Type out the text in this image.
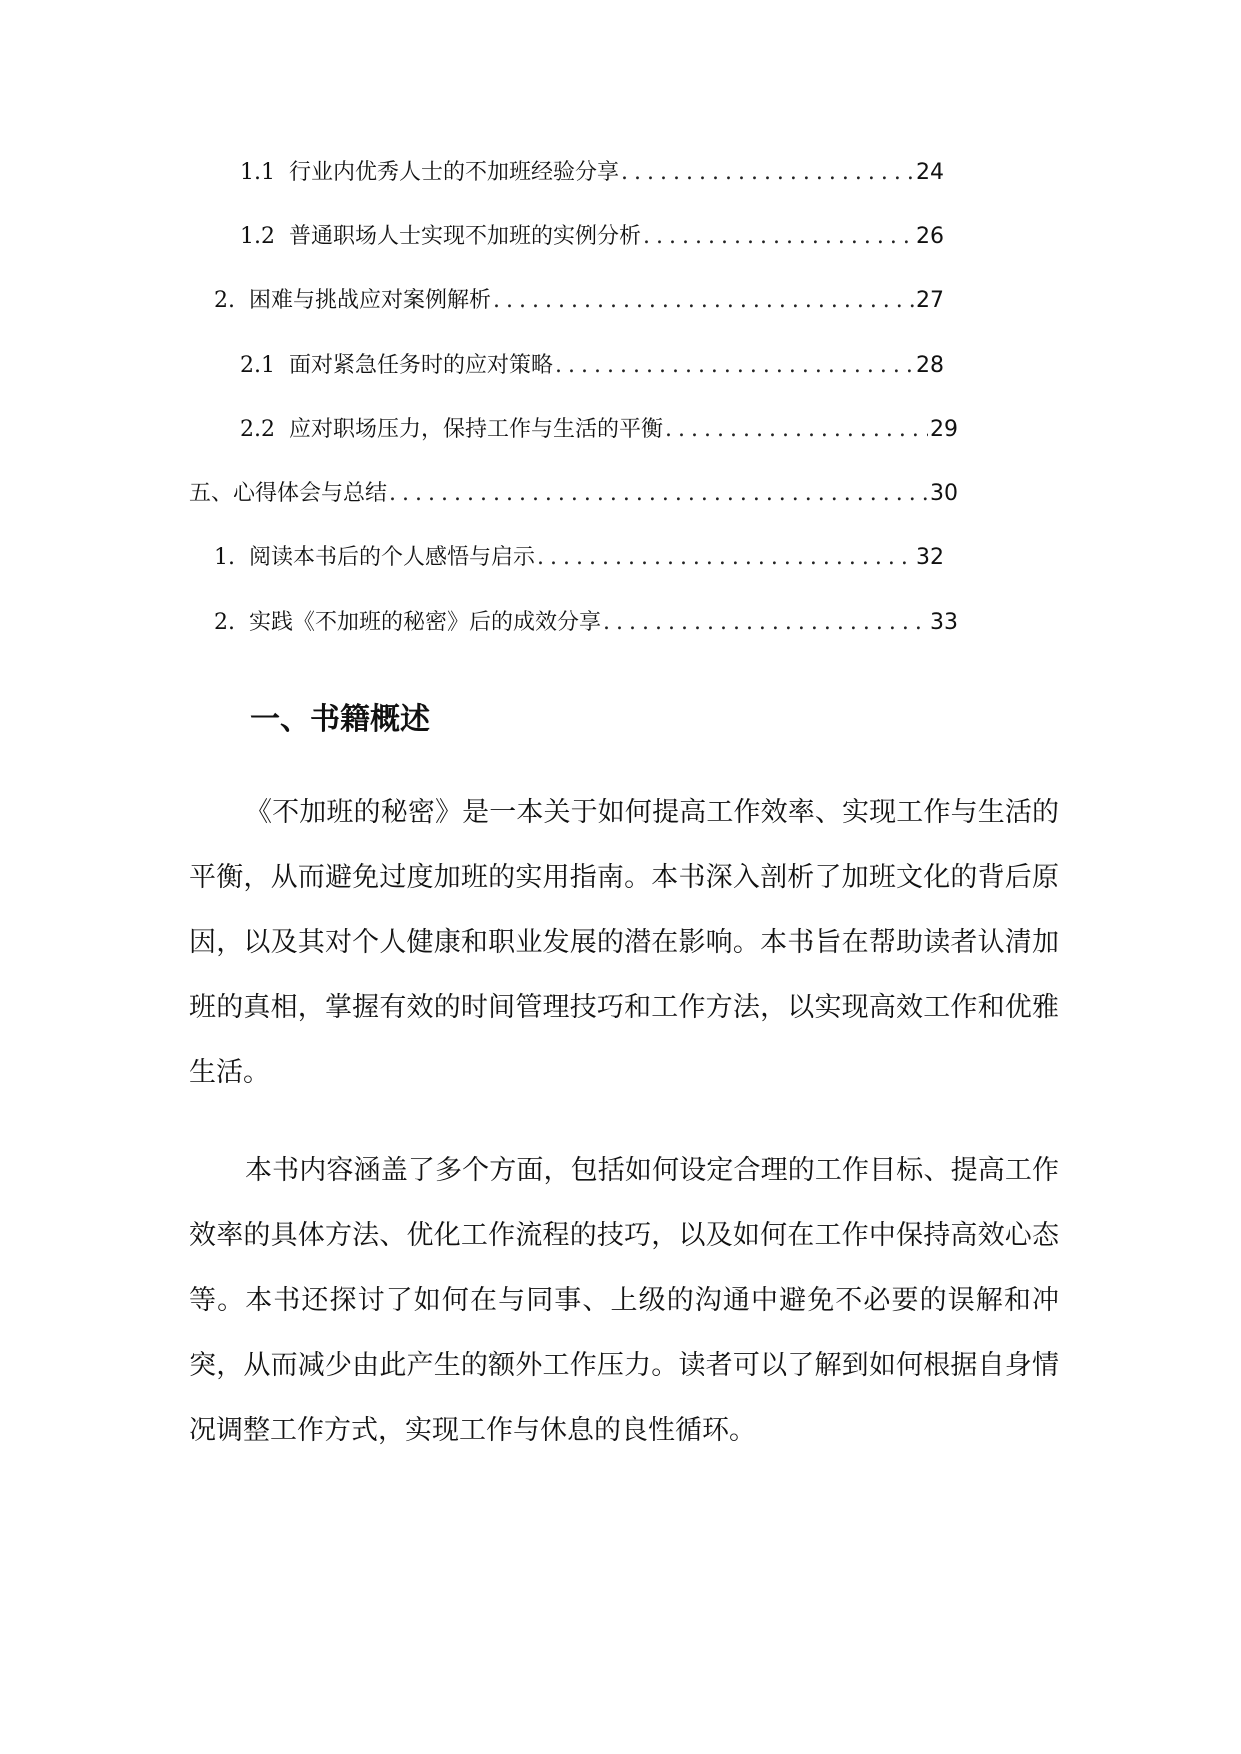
1.1 行业内优秀人士的不加班经验分享 .....	24
1.2 普通职场人士实现不加班的实例分析 .....	26
2. 困难与挑战应对案例解析 .....	27
2.1 面对紧急任务时的应对策略 .....	28
2.2 应对职场压力，保持工作与生活的平衡 .....	29
五、心得体会与总结 .....	30
1. 阅读本书后的个人感悟与启示 .....	32
2. 实践《不加班的秘密》后的成效分享 .....	33
一、书籍概述

《不加班的秘密》是一本关于如何提高工作效率、实现工作与生活的平衡，从而避免过度加班的实用指南。本书深入剖析了加班文化的背后原因，以及其对个人健康和职业发展的潜在影响。本书旨在帮助读者认清加班的真相，掌握有效的时间管理技巧和工作方法，以实现高效工作和优雅生活。

本书内容涵盖了多个方面，包括如何设定合理的工作目标、提高工作效率的具体方法、优化工作流程的技巧，以及如何在工作中保持高效心态等。本书还探讨了如何在与同事、上级的沟通中避免不必要的误解和冲突，从而减少由此产生的额外工作压力。读者可以了解到如何根据自身情况调整工作方式，实现工作与休息的良性循环。
